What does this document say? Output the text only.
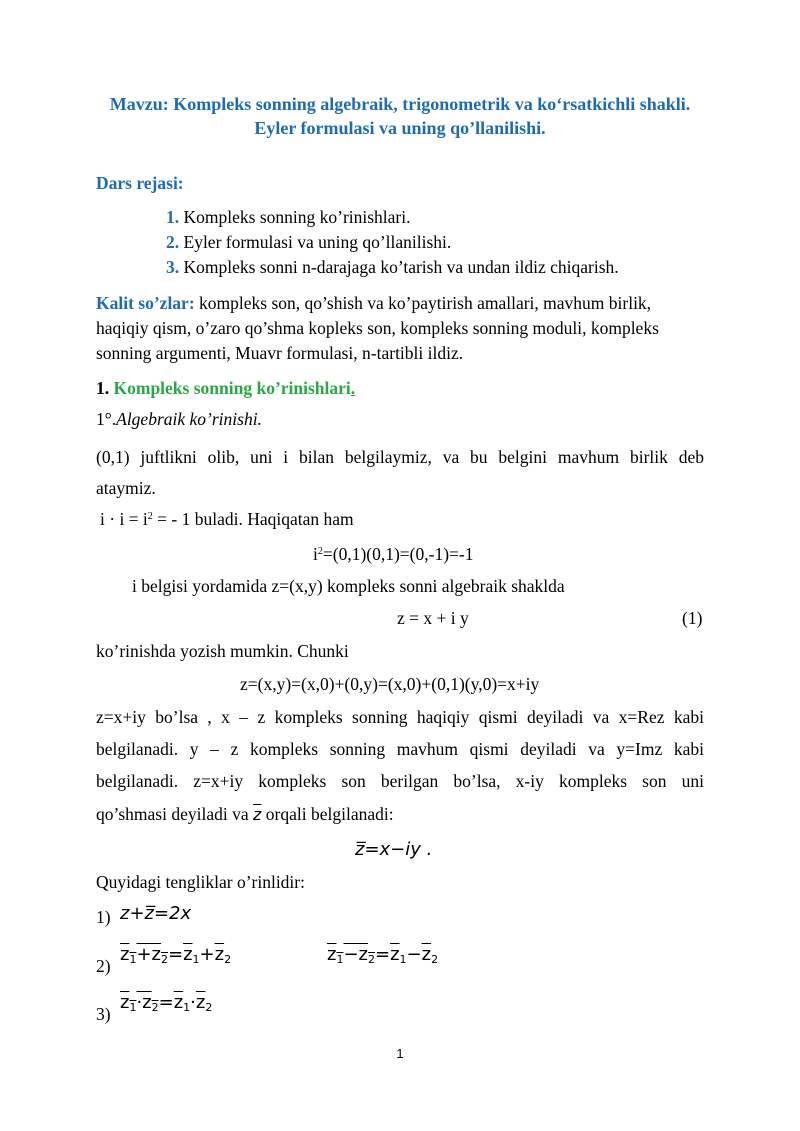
Mavzu: Kompleks sonning algebraik, trigonometrik va ko‘rsatkichli shakli.
Eyler formulasi va uning qo’llanilishi.
Dars rejasi:
1. Kompleks sonning ko’rinishlari.
2. Eyler formulasi va uning qo’llanilishi.
3. Kompleks sonni n-darajaga ko’tarish va undan ildiz chiqarish.
Kalit so’zlar: kompleks son, qo’shish va ko’paytirish amallari, mavhum birlik,
haqiqiy qism, o’zaro qo’shma kopleks son, kompleks sonning moduli, kompleks
sonning argumenti, Muavr formulasi, n-tartibli ildiz.
1. Kompleks sonning ko’rinishlari.
1°.Algebraik ko’rinishi.
(0,1) juftlikni olib, uni i bilan belgilaymiz, va bu belgini mavhum birlik deb
ataymiz.
$i \cdot i = i^2$ = - 1 buladi. Haqiqatan ham
$i^2=(0,1)(0,1)=(0,-1)=-1$
i belgisi yordamida z=(x,y) kompleks sonni algebraik shaklda
z = x + i y	(1)
ko’rinishda yozish mumkin. Chunki
z=(x,y)=(x,0)+(0,y)=(x,0)+(0,1)(y,0)=x+iy
z=x+iy bo’lsa , x – z kompleks sonning haqiqiy qismi deyiladi va x=Rez kabi
belgilanadi. y – z kompleks sonning mavhum qismi deyiladi va y=Imz kabi
belgilanadi. z=x+iy kompleks son berilgan bo’lsa, x-iy kompleks son uni
qo’shmasi deyiladi va $\overline{z}$ orqali belgilanadi:
z̅=x−iy .
Quyidagi tengliklar o’rinlidir:
1) z+z̅=2x
2)
$z_1+z_2=\overline{z}_1+\overline{z}_2$	$z_1-z_2=\overline{z}_1-\overline{z}_2$
3)
$z_1\cdot z_2=\overline{z}_1\cdot\overline{z}_2$
1
